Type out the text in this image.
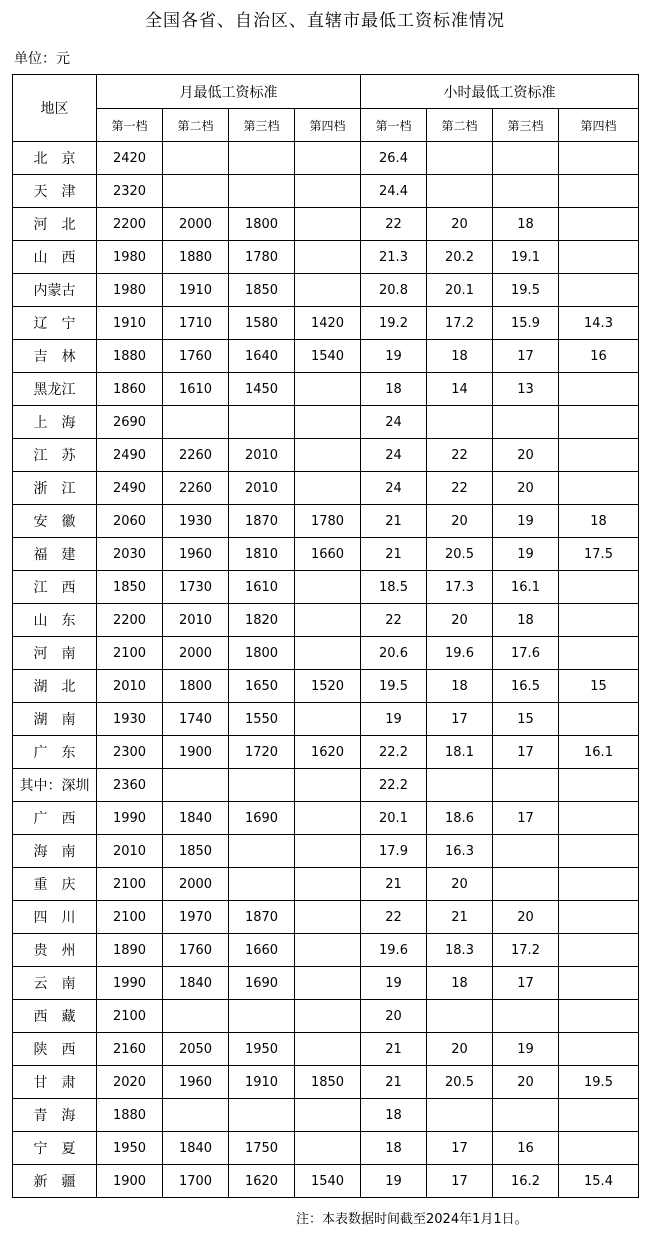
全国各省、自治区、直辖市最低工资标准情况
单位：元
地区	月最低工资标准				小时最低工资标准			
	第一档	第二档	第三档	第四档	第一档	第二档	第三档	第四档
北　京	2420				26.4			
天　津	2320				24.4			
河　北	2200	2000	1800		22	20	18	
山　西	1980	1880	1780		21.3	20.2	19.1	
内蒙古	1980	1910	1850		20.8	20.1	19.5	
辽　宁	1910	1710	1580	1420	19.2	17.2	15.9	14.3
吉　林	1880	1760	1640	1540	19	18	17	16
黑龙江	1860	1610	1450		18	14	13	
上　海	2690				24			
江　苏	2490	2260	2010		24	22	20	
浙　江	2490	2260	2010		24	22	20	
安　徽	2060	1930	1870	1780	21	20	19	18
福　建	2030	1960	1810	1660	21	20.5	19	17.5
江　西	1850	1730	1610		18.5	17.3	16.1	
山　东	2200	2010	1820		22	20	18	
河　南	2100	2000	1800		20.6	19.6	17.6	
湖　北	2010	1800	1650	1520	19.5	18	16.5	15
湖　南	1930	1740	1550		19	17	15	
广　东	2300	1900	1720	1620	22.2	18.1	17	16.1
其中：深圳	2360				22.2			
广　西	1990	1840	1690		20.1	18.6	17	
海　南	2010	1850			17.9	16.3		
重　庆	2100	2000			21	20		
四　川	2100	1970	1870		22	21	20	
贵　州	1890	1760	1660		19.6	18.3	17.2	
云　南	1990	1840	1690		19	18	17	
西　藏	2100				20			
陕　西	2160	2050	1950		21	20	19	
甘　肃	2020	1960	1910	1850	21	20.5	20	19.5
青　海	1880				18			
宁　夏	1950	1840	1750		18	17	16	
新　疆	1900	1700	1620	1540	19	17	16.2	15.4
注：本表数据时间截至2024年1月1日。
